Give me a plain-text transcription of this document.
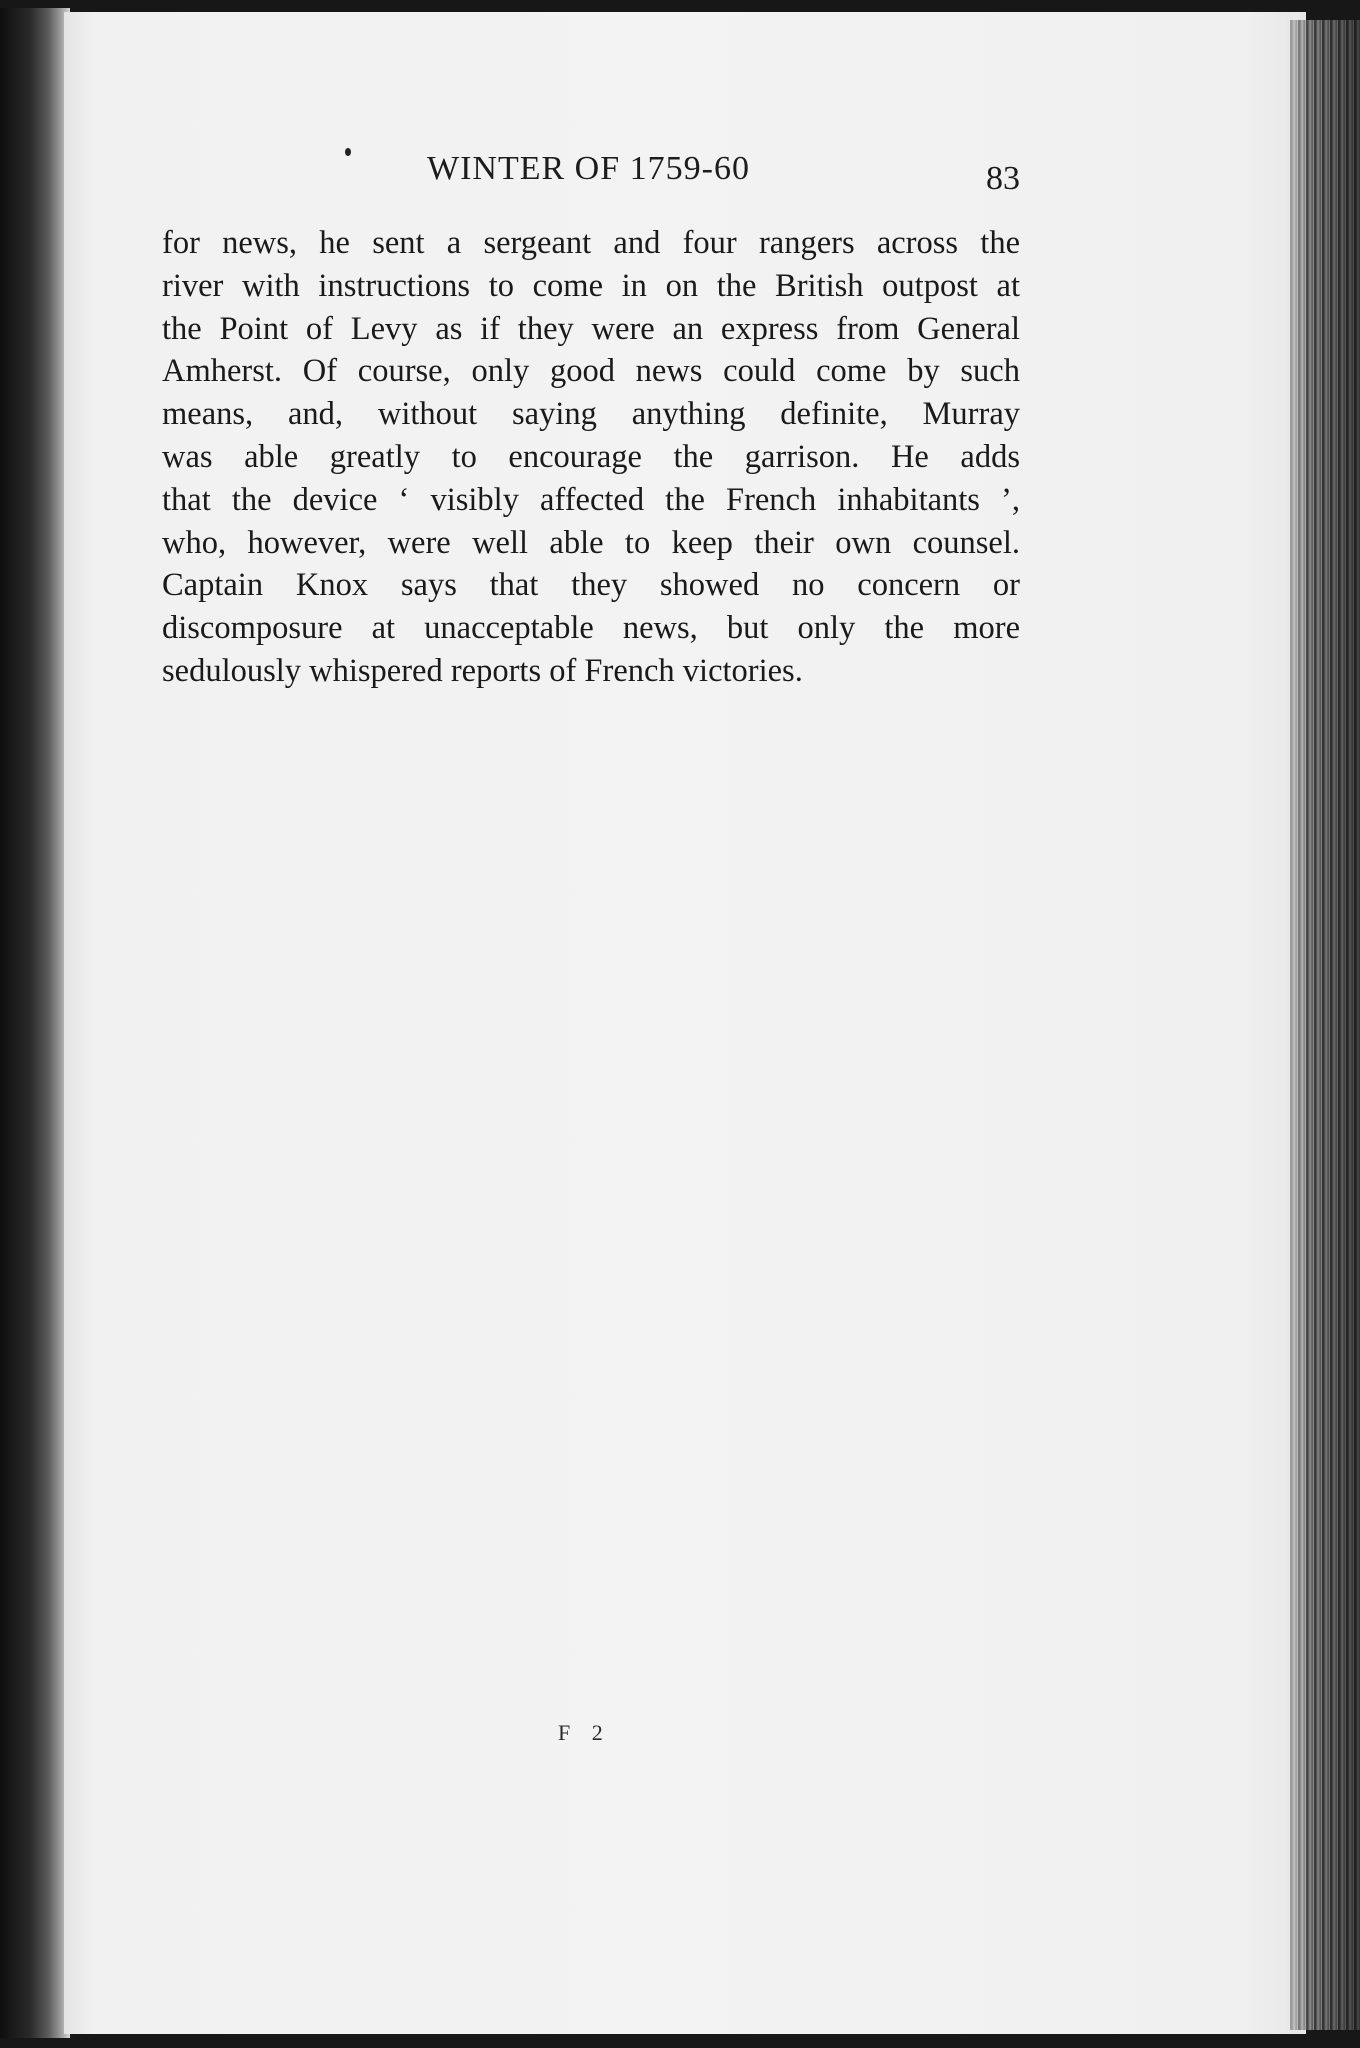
WINTER OF 1759-60	83
for news, he sent a sergeant and four rangers across the
river with instructions to come in on the British outpost at
the Point of Levy as if they were an express from General
Amherst. Of course, only good news could come by such
means, and, without saying anything definite, Murray
was able greatly to encourage the garrison. He adds
that the device ‘ visibly affected the French inhabitants ’,
who, however, were well able to keep their own counsel.
Captain Knox says that they showed no concern or
discomposure at unacceptable news, but only the more
sedulously whispered reports of French victories.
F 2
